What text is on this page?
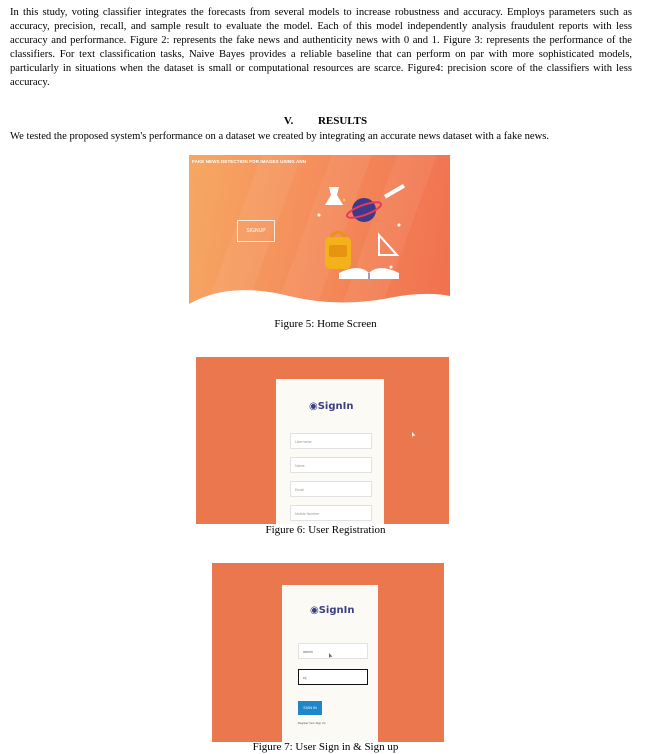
In this study, voting classifier integrates the forecasts from several models to increase robustness and accuracy. Employs parameters such as accuracy, precision, recall, and sample result to evaluate the model. Each of this model independently analysis fraudulent reports with less accuracy and performance. Figure 2: represents the fake news and authenticity news with 0 and 1. Figure 3: represents the performance of the classifiers. For text classification tasks, Naive Bayes provides a reliable baseline that can perform on par with more sophisticated models, particularly in situations when the dataset is small or computational resources are scarce. Figure4: precision score of the classifiers with less accuracy.

V. RESULTS
We tested the proposed system's performance on a dataset we created by integrating an accurate news dataset with a fake news.
FAKE NEWS DETECTION FOR IMAGES USING ANN
SIGNUP
Figure 5: Home Screen
◉SignIn
Username
Name
Email
Mobile Number
Figure 6: User Registration
◉SignIn
admin
••|
SIGN IN
Register here Sign Up
Figure 7: User Sign in & Sign up
